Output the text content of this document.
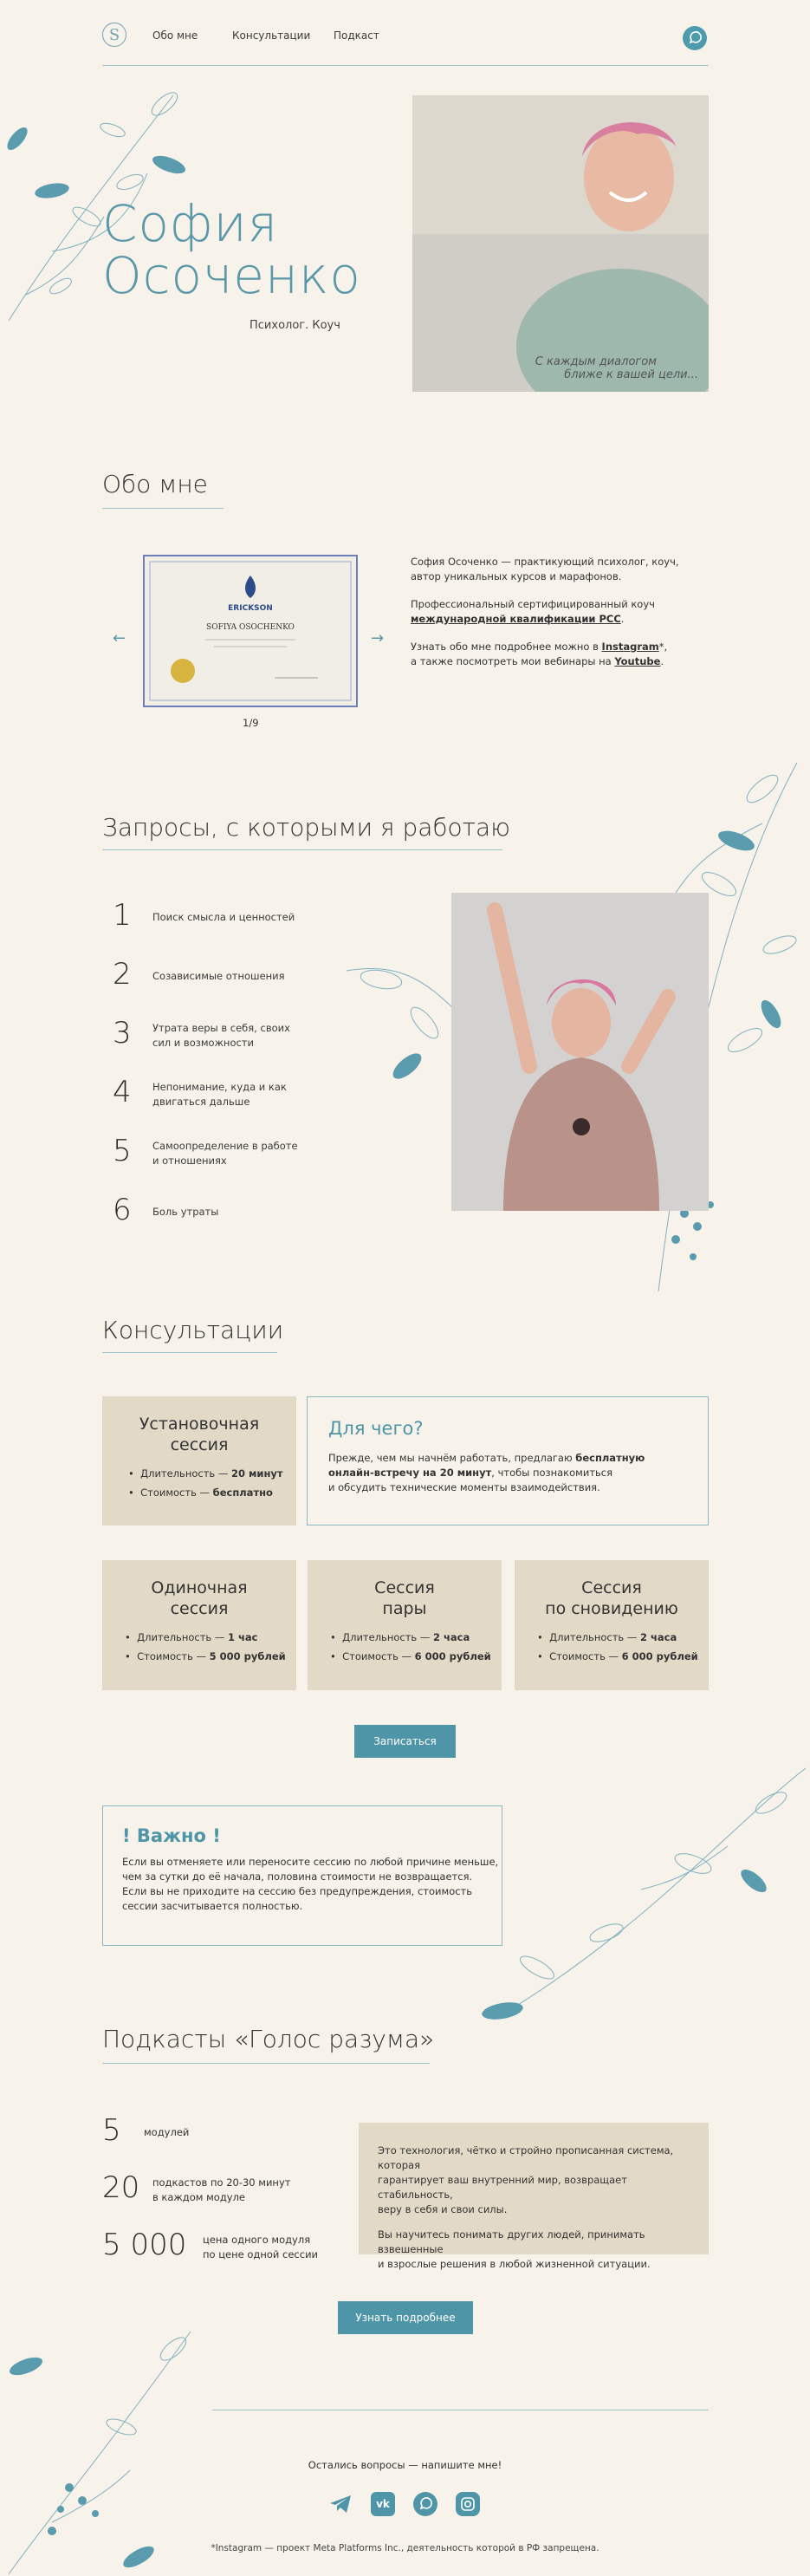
S	Обо мне	Консультации Подкаст
София
Осоченко
Психолог. Коуч
С каждым диалогом
ближе к вашей цели...
Обо мне
←
ERICKSON
SOFIYA OSOCHENKO
→
1/9
София Осоченко — практикующий психолог, коуч,
автор уникальных курсов и марафонов.
Профессиональный сертифицированный коуч
международной квалификации PCC.
Узнать обо мне подробнее можно в Instagram*,
а также посмотреть мои вебинары на Youtube.
Запросы, с которыми я работаю
1 Поиск смысла и ценностей
2 Созависимые отношения
3 Утрата веры в себя, своих сил и возможности
4 Непонимание, куда и как двигаться дальше
5 Самоопределение в работе и отношениях
6 Боль утраты
Консультации
Установочная
сессия
•  Длительность — 20 минут
•  Стоимость — бесплатно
Для чего?
Прежде, чем мы начнём работать, предлагаю бесплатную
онлайн-встречу на 20 минут, чтобы познакомиться
и обсудить технические моменты взаимодействия.
Одиночная
сессия
•  Длительность — 1 час
•  Стоимость — 5 000 рублей
Сессия
пары
•  Длительность — 2 часа
•  Стоимость — 6 000 рублей
Сессия
по сновидению
•  Длительность — 2 часа
•  Стоимость — 6 000 рублей
Записаться
! Важно !
Если вы отменяете или переносите сессию по любой причине меньше,
чем за сутки до её начала, половина стоимости не возвращается.
Если вы не приходите на сессию без предупреждения, стоимость
сессии засчитывается полностью.
Подкасты «Голос разума»
5 модулей
20 подкастов по 20-30 минут
в каждом модуле
5 000 цена одного модуля
по цене одной сессии
Это технология, чётко и стройно прописанная система, которая
гарантирует ваш внутренний мир, возвращает стабильность,
веру в себя и свои силы.
Вы научитесь понимать других людей, принимать взвешенные
и взрослые решения в любой жизненной ситуации.
Узнать подробнее
Остались вопросы — напишите мне!
vk
*Instagram — проект Meta Platforms Inc., деятельность которой в РФ запрещена.
